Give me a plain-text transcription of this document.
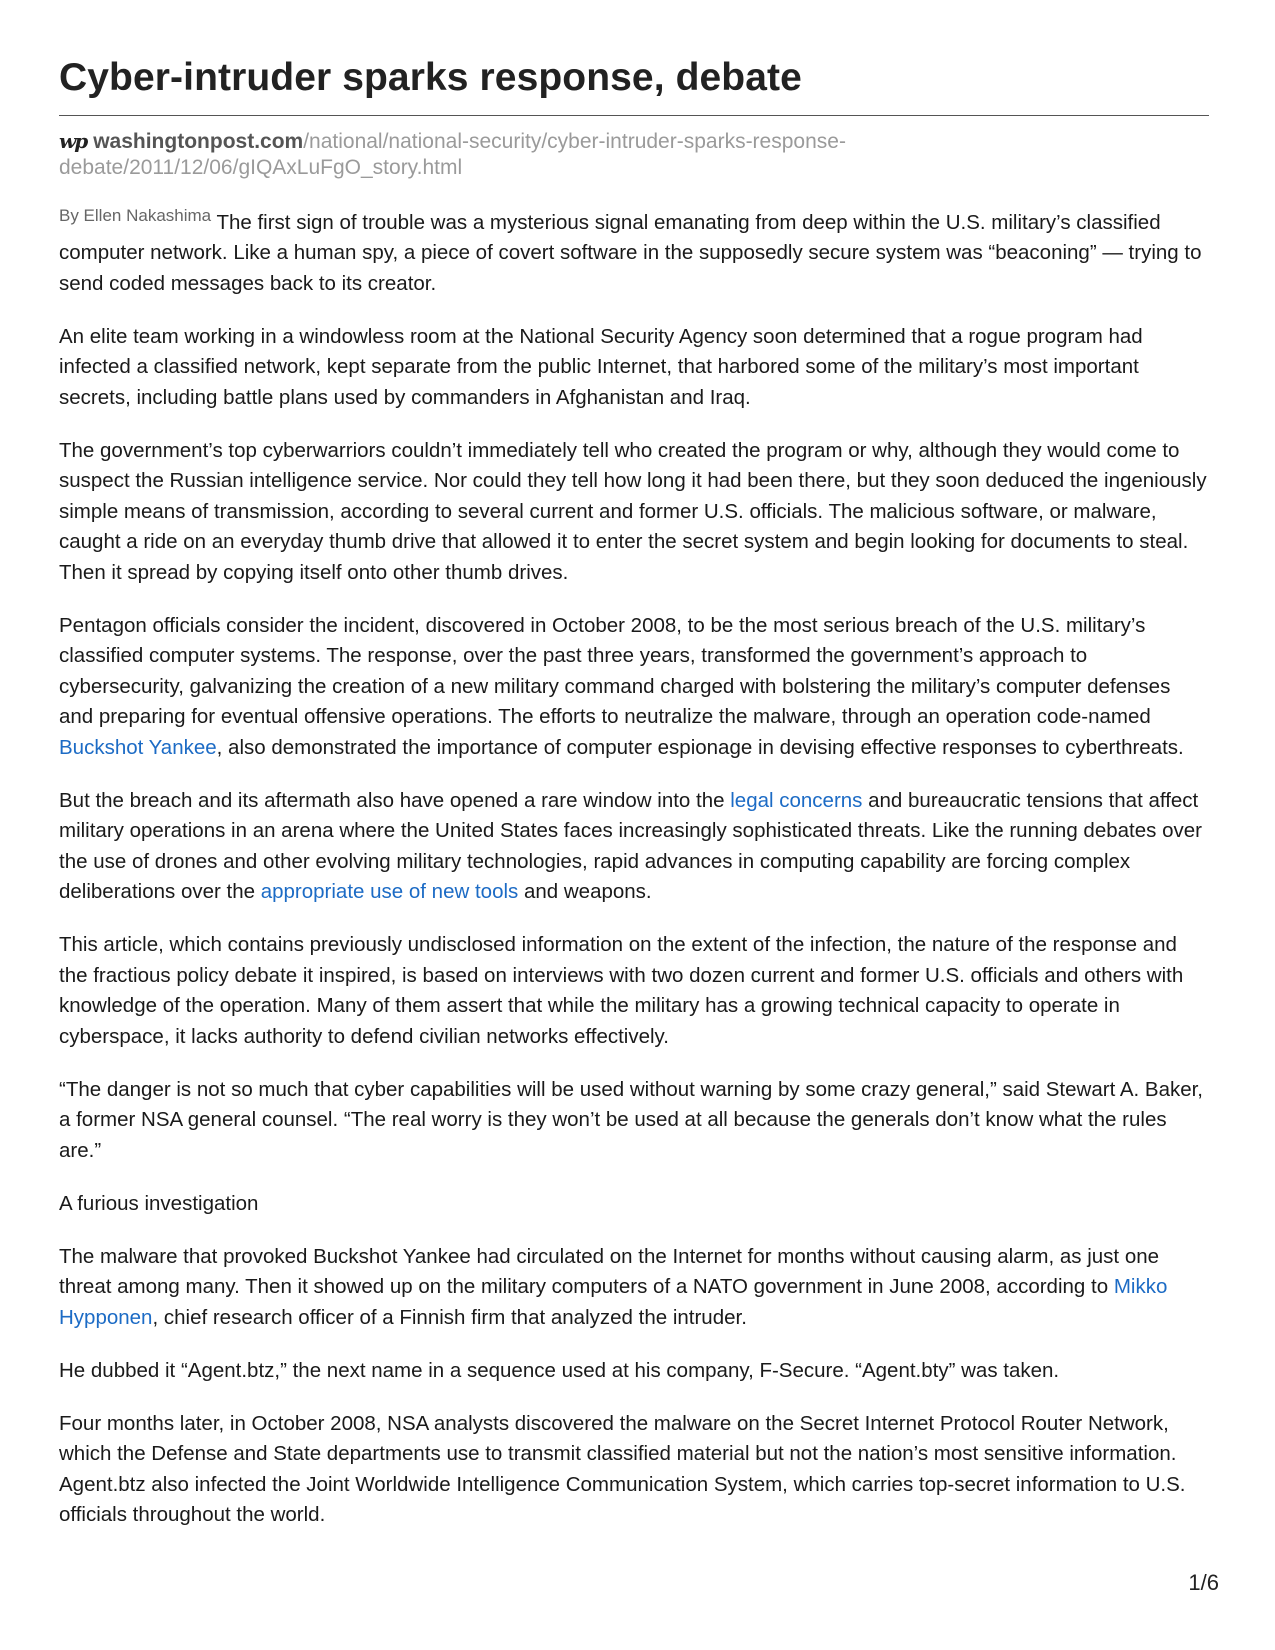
Cyber-intruder sparks response, debate
wp washingtonpost.com/national/national-security/cyber-intruder-sparks-response-debate/2011/12/06/gIQAxLuFgO_story.html
$^{By Ellen Nakashima}$ The first sign of trouble was a mysterious signal emanating from deep within the U.S. military’s classified computer network. Like a human spy, a piece of covert software in the supposedly secure system was “beaconing” — trying to send coded messages back to its creator.

An elite team working in a windowless room at the National Security Agency soon determined that a rogue program had infected a classified network, kept separate from the public Internet, that harbored some of the military’s most important secrets, including battle plans used by commanders in Afghanistan and Iraq.

The government’s top cyberwarriors couldn’t immediately tell who created the program or why, although they would come to suspect the Russian intelligence service. Nor could they tell how long it had been there, but they soon deduced the ingeniously simple means of transmission, according to several current and former U.S. officials. The malicious software, or malware, caught a ride on an everyday thumb drive that allowed it to enter the secret system and begin looking for documents to steal. Then it spread by copying itself onto other thumb drives.

Pentagon officials consider the incident, discovered in October 2008, to be the most serious breach of the U.S. military’s classified computer systems. The response, over the past three years, transformed the government’s approach to cybersecurity, galvanizing the creation of a new military command charged with bolstering the military’s computer defenses and preparing for eventual offensive operations. The efforts to neutralize the malware, through an operation code-named Buckshot Yankee, also demonstrated the importance of computer espionage in devising effective responses to cyberthreats.

But the breach and its aftermath also have opened a rare window into the legal concerns and bureaucratic tensions that affect military operations in an arena where the United States faces increasingly sophisticated threats. Like the running debates over the use of drones and other evolving military technologies, rapid advances in computing capability are forcing complex deliberations over the appropriate use of new tools and weapons.

This article, which contains previously undisclosed information on the extent of the infection, the nature of the response and the fractious policy debate it inspired, is based on interviews with two dozen current and former U.S. officials and others with knowledge of the operation. Many of them assert that while the military has a growing technical capacity to operate in cyberspace, it lacks authority to defend civilian networks effectively.

“The danger is not so much that cyber capabilities will be used without warning by some crazy general,” said Stewart A. Baker, a former NSA general counsel. “The real worry is they won’t be used at all because the generals don’t know what the rules are.”

A furious investigation

The malware that provoked Buckshot Yankee had circulated on the Internet for months without causing alarm, as just one threat among many. Then it showed up on the military computers of a NATO government in June 2008, according to Mikko Hypponen, chief research officer of a Finnish firm that analyzed the intruder.

He dubbed it “Agent.btz,” the next name in a sequence used at his company, F-Secure. “Agent.bty” was taken.

Four months later, in October 2008, NSA analysts discovered the malware on the Secret Internet Protocol Router Network, which the Defense and State departments use to transmit classified material but not the nation’s most sensitive information. Agent.btz also infected the Joint Worldwide Intelligence Communication System, which carries top-secret information to U.S. officials throughout the world.

1/6
